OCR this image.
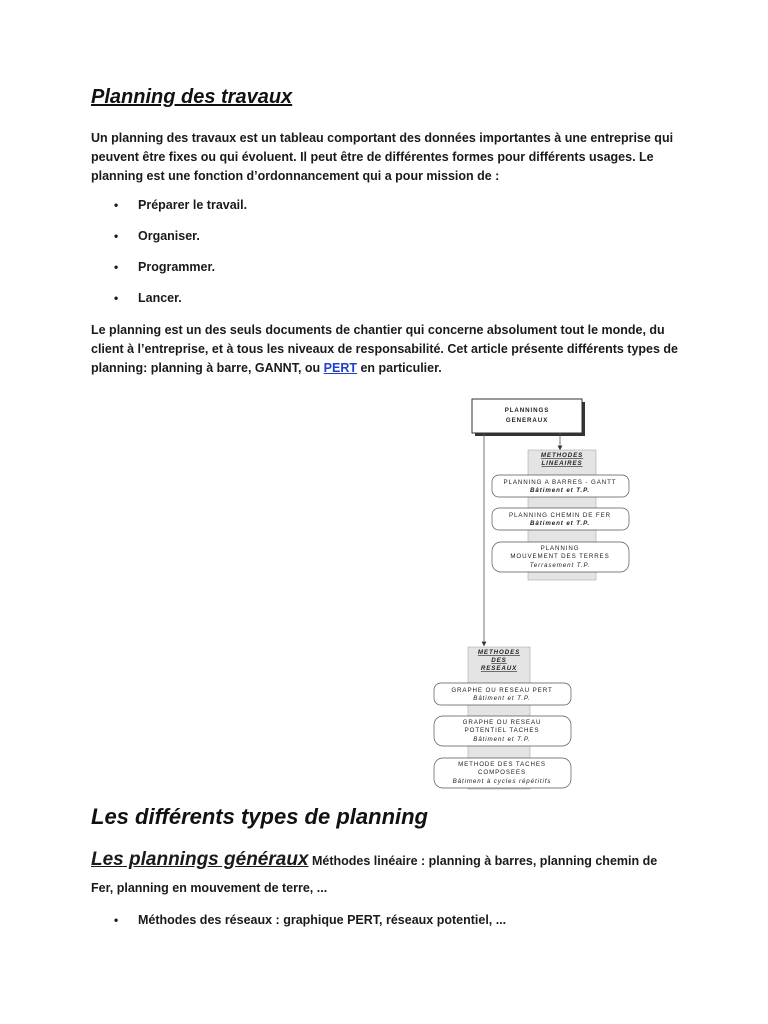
Planning des travaux

Un planning des travaux est un tableau comportant des données importantes à une entreprise qui peuvent être fixes ou qui évoluent. Il peut être de différentes formes pour différents usages. Le planning est une fonction d’ordonnancement qui a pour mission de :

• Préparer le travail.
• Organiser.
• Programmer.
• Lancer.

Le planning est un des seuls documents de chantier qui concerne absolument tout le monde, du client à l’entreprise, et à tous les niveaux de responsabilité. Cet article présente différents types de planning: planning à barre, GANNT, ou PERT en particulier.

PLANNINGS
GENERAUX
METHODES
LINEAIRES
PLANNING A BARRES - GANTT
Bâtiment et T.P.
PLANNING CHEMIN DE FER
Bâtiment et T.P.
PLANNING
MOUVEMENT DES TERRES
Terrasement T.P.
METHODES
DES
RESEAUX
GRAPHE OU RESEAU PERT
Bâtiment et T.P.
GRAPHE OU RESEAU
POTENTIEL TACHES
Bâtiment et T.P.
METHODE DES TACHES
COMPOSEES
Bâtiment à cycles répétitifs
Les différents types de planning

Les plannings généraux Méthodes linéaire : planning à barres, planning chemin de

Fer, planning en mouvement de terre, ...

• Méthodes des réseaux : graphique PERT, réseaux potentiel, ...
